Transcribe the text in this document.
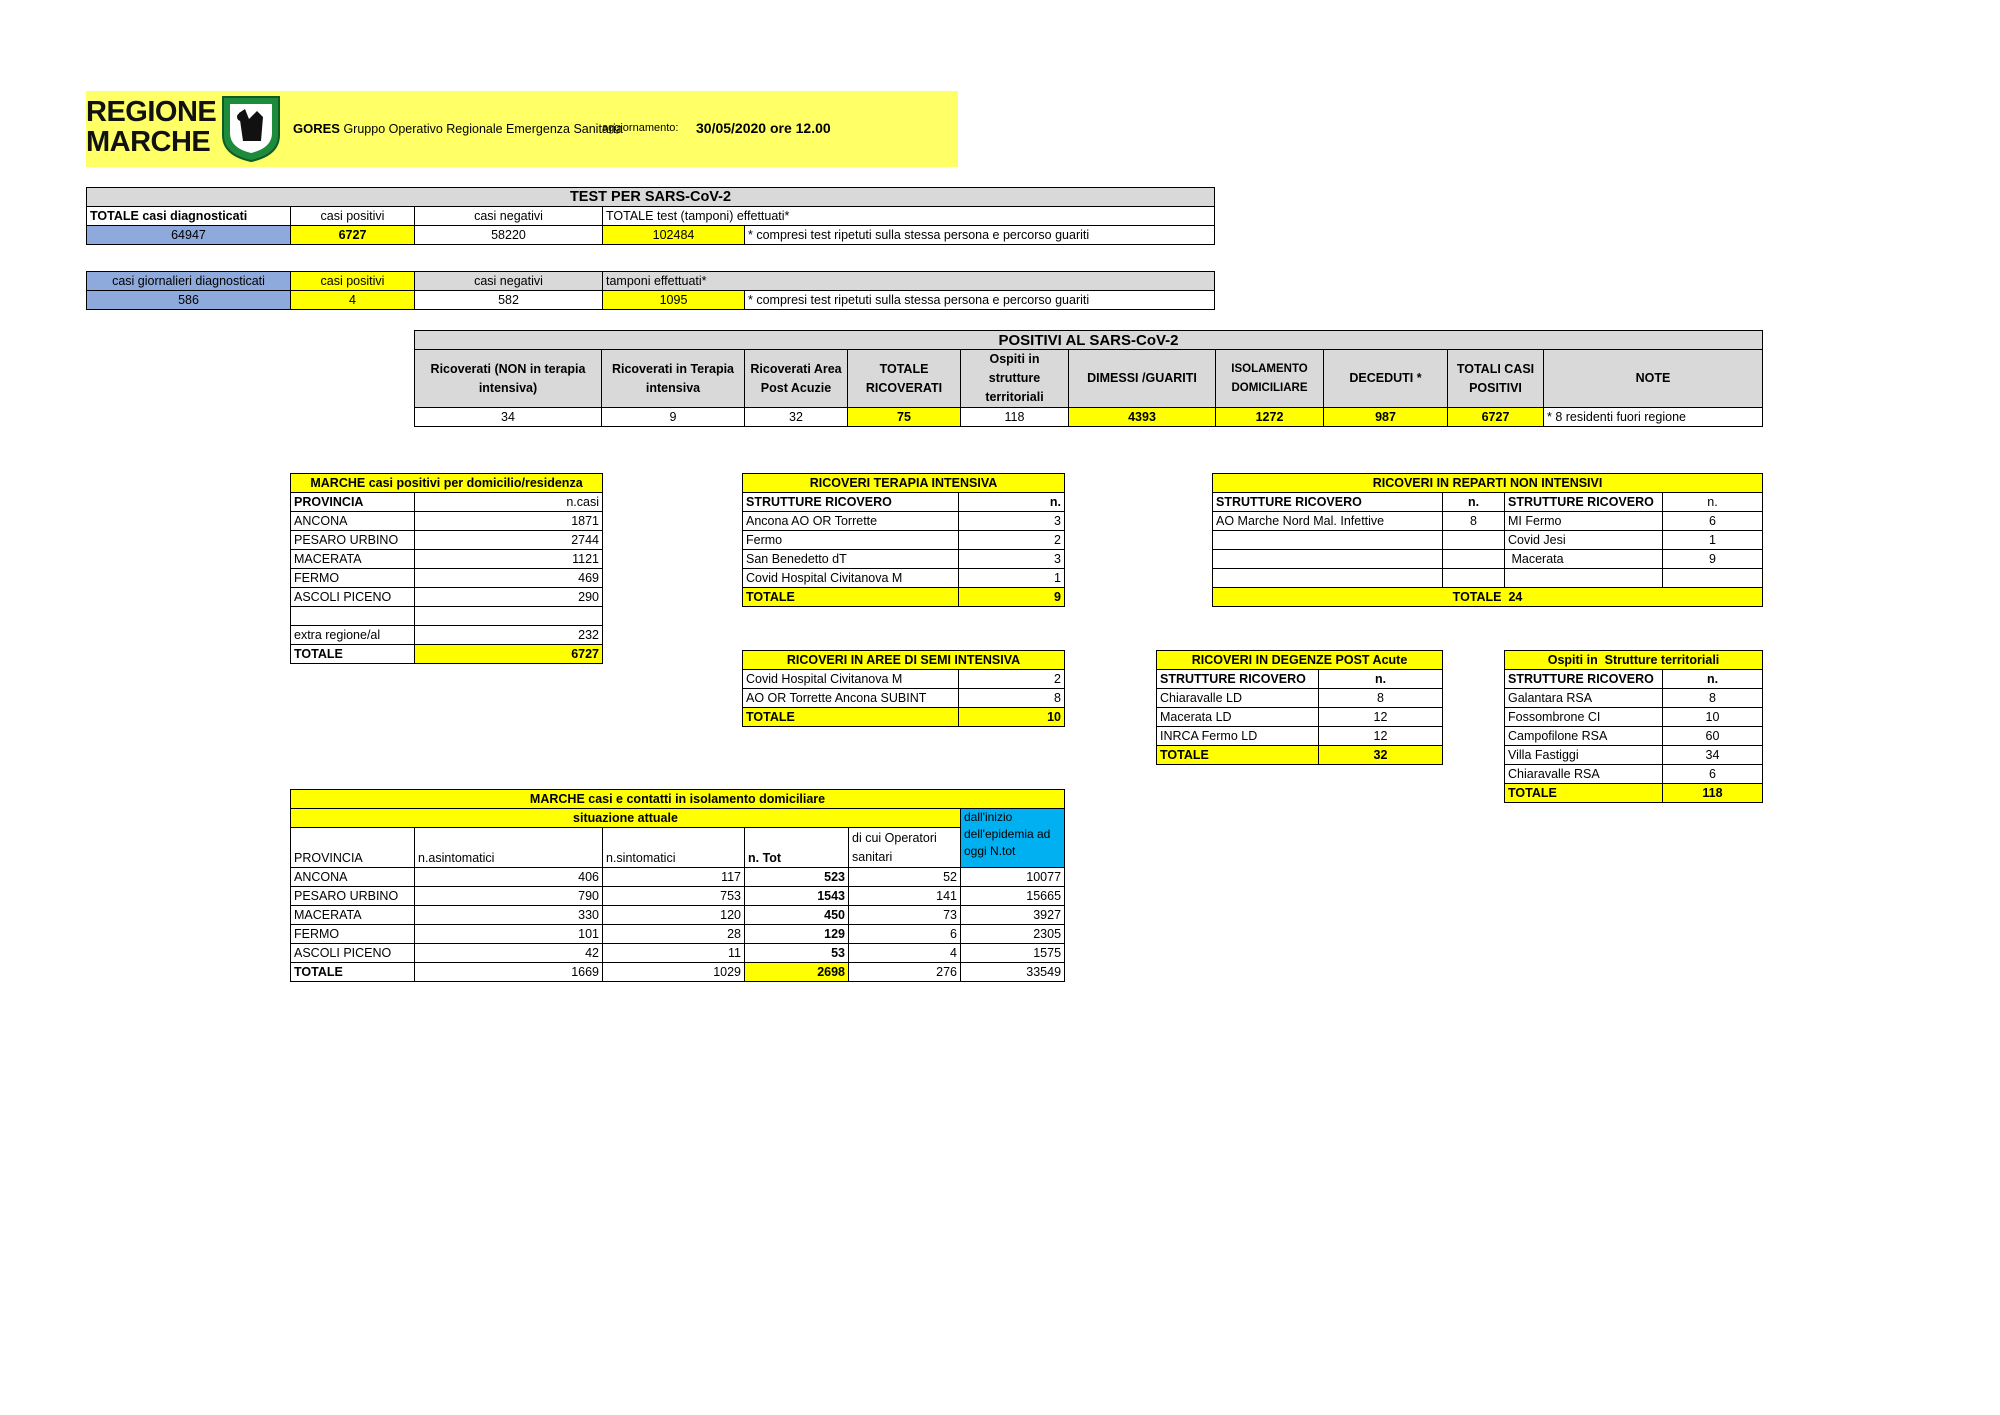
REGIONE
MARCHE	GORES Gruppo Operativo Regionale Emergenza Sanitaria
aggiornamento: 30/05/2020 ore 12.00
TEST PER SARS-CoV-2				
TOTALE casi diagnosticati	casi positivi	casi negativi	TOTALE test (tamponi) effettuati*	
64947	6727	58220	102484	* compresi test ripetuti sulla stessa persona e percorso guariti
casi giornalieri diagnosticati	casi positivi	casi negativi	tamponi effettuati*	
586	4	582	1095	* compresi test ripetuti sulla stessa persona e percorso guariti
POSITIVI AL SARS-CoV-2									
Ricoverati (NON in terapia intensiva)	Ricoverati in Terapia intensiva	Ricoverati Area Post Acuzie	TOTALE RICOVERATI	Ospiti in strutture territoriali	DIMESSI /GUARITI	ISOLAMENTO DOMICILIARE	DECEDUTI *	TOTALI CASI POSITIVI	NOTE
34	9	32	75	118	4393	1272	987	6727	* 8 residenti fuori regione
MARCHE casi positivi per domicilio/residenza	
PROVINCIA	n.casi
ANCONA	1871
PESARO URBINO	2744
MACERATA	1121
FERMO	469
ASCOLI PICENO	290

extra regione/al	232
TOTALE	6727
RICOVERI TERAPIA INTENSIVA	
STRUTTURE RICOVERO	n.
Ancona AO OR Torrette	3
Fermo	2
San Benedetto dT	3
Covid Hospital Civitanova M	1
TOTALE	9
RICOVERI IN REPARTI NON INTENSIVI			
STRUTTURE RICOVERO	n.	STRUTTURE RICOVERO	n.
AO Marche Nord Mal. Infettive	8	MI Fermo	6
		Covid Jesi	1
		Macerata	9

TOTALE  24			
RICOVERI IN AREE DI SEMI INTENSIVA	
Covid Hospital Civitanova M	2
AO OR Torrette Ancona SUBINT	8
TOTALE	10
RICOVERI IN DEGENZE POST Acute	
STRUTTURE RICOVERO	n.
Chiaravalle LD	8
Macerata LD	12
INRCA Fermo LD	12
TOTALE	32
Ospiti in  Strutture territoriali	
STRUTTURE RICOVERO	n.
Galantara RSA	8
Fossombrone CI	10
Campofilone RSA	60
Villa Fastiggi	34
Chiaravalle RSA	6
TOTALE	118
MARCHE casi e contatti in isolamento domiciliare					
situazione attuale					dall'inizio dell'epidemia ad oggi N.tot
PROVINCIA	n.asintomatici	n.sintomatici	n. Tot	di cui Operatori sanitari	
ANCONA	406	117	523	52	10077
PESARO URBINO	790	753	1543	141	15665
MACERATA	330	120	450	73	3927
FERMO	101	28	129	6	2305
ASCOLI PICENO	42	11	53	4	1575
TOTALE	1669	1029	2698	276	33549
